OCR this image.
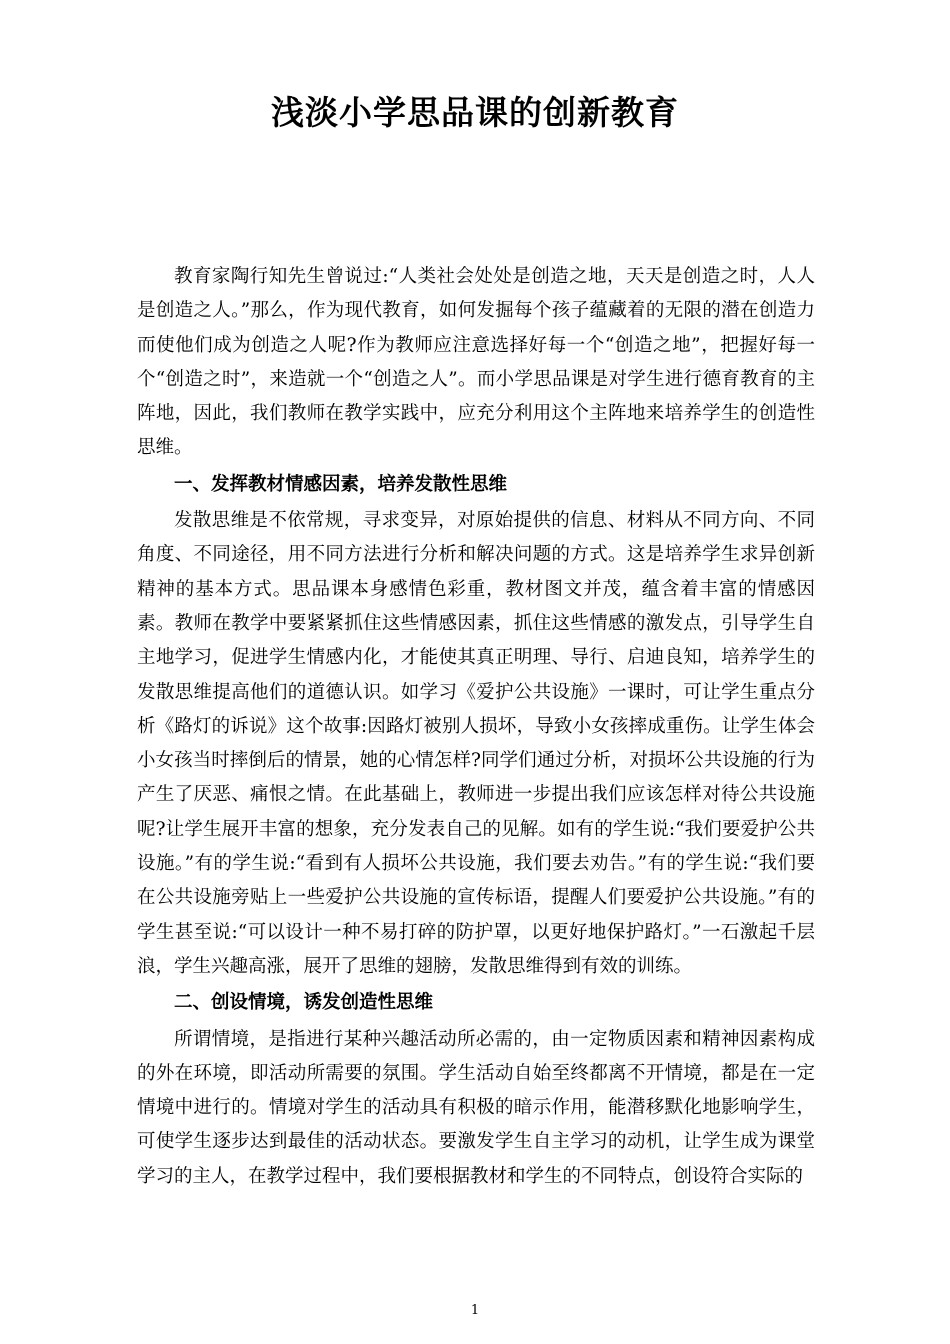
浅淡小学思品课的创新教育

教育家陶行知先生曾说过:“人类社会处处是创造之地，天天是创造之时，人人是创造之人。”那么，作为现代教育，如何发掘每个孩子蕴藏着的无限的潜在创造力而使他们成为创造之人呢?作为教师应注意选择好每一个“创造之地”，把握好每一个“创造之时”，来造就一个“创造之人”。而小学思品课是对学生进行德育教育的主阵地，因此，我们教师在教学实践中，应充分利用这个主阵地来培养学生的创造性思维。

一、发挥教材情感因素，培养发散性思维

发散思维是不依常规，寻求变异，对原始提供的信息、材料从不同方向、不同角度、不同途径，用不同方法进行分析和解决问题的方式。这是培养学生求异创新精神的基本方式。思品课本身感情色彩重，教材图文并茂，蕴含着丰富的情感因素。教师在教学中要紧紧抓住这些情感因素，抓住这些情感的激发点，引导学生自主地学习，促进学生情感内化，才能使其真正明理、导行、启迪良知，培养学生的发散思维提高他们的道德认识。如学习《爱护公共设施》一课时，可让学生重点分析《路灯的诉说》这个故事:因路灯被别人损坏，导致小女孩摔成重伤。让学生体会小女孩当时摔倒后的情景，她的心情怎样?同学们通过分析，对损坏公共设施的行为产生了厌恶、痛恨之情。在此基础上，教师进一步提出我们应该怎样对待公共设施呢?让学生展开丰富的想象，充分发表自己的见解。如有的学生说:“我们要爱护公共设施。”有的学生说:“看到有人损坏公共设施，我们要去劝告。”有的学生说:“我们要在公共设施旁贴上一些爱护公共设施的宣传标语，提醒人们要爱护公共设施。”有的学生甚至说:“可以设计一种不易打碎的防护罩，以更好地保护路灯。”一石激起千层浪，学生兴趣高涨，展开了思维的翅膀，发散思维得到有效的训练。

二、创设情境，诱发创造性思维

所谓情境，是指进行某种兴趣活动所必需的，由一定物质因素和精神因素构成的外在环境，即活动所需要的氛围。学生活动自始至终都离不开情境，都是在一定情境中进行的。情境对学生的活动具有积极的暗示作用，能潜移默化地影响学生，可使学生逐步达到最佳的活动状态。要激发学生自主学习的动机，让学生成为课堂学习的主人，在教学过程中，我们要根据教材和学生的不同特点，创设符合实际的

1
